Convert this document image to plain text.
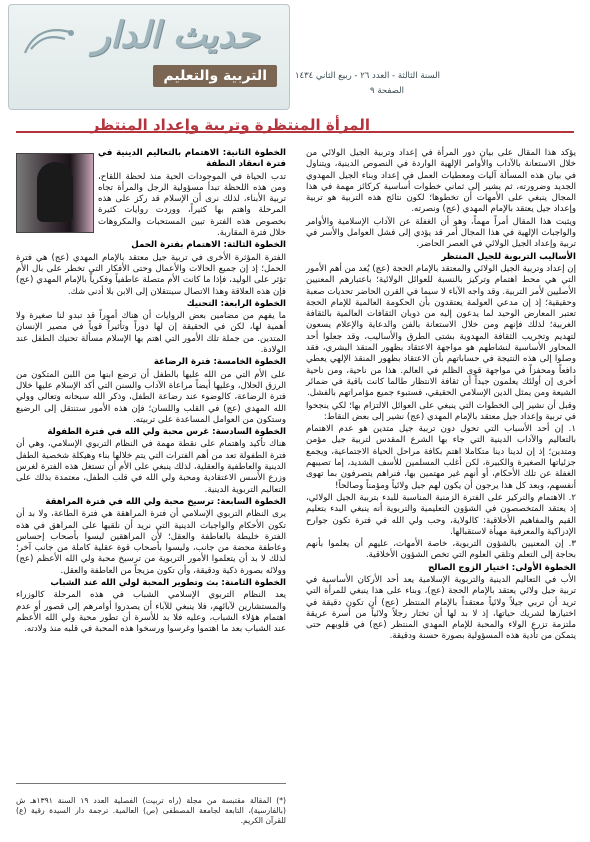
حديث الدار
التربية والتعليم	السنة الثالثة - العدد ٢٦ - ربيع الثاني ١٤٣٤
الصفحة ٩
المرأة المنتظرة وتربية وإعداد المنتظر

يؤكد هذا المقال على بيان دور المرأة في إعداد وتربية الجيل الولائي من خلال الاستعانة بالآداب والأوامر الإلهية الواردة في النصوص الدينية، ويتناول في بيان هذه المسألة آليات ومعطيات العمل في إعداد وبناء الجيل المهدوي الجديد وضرورته، ثم يشير إلى ثماني خطوات أساسية كركائز مهمة في هذا المجال ينبغي على الأمهات أن تخطوها؛ لكون نتائج هذه التربية هو تربية وإعداد جيل يعتقد بالإمام المهدي (عج) ونصرته.

ويثبت هذا المقال أمراً مهماً، وهو أن الغفلة عن الآداب الإسلامية والأوامر والواجبات الإلهية في هذا المجال أمر قد يؤدي إلى فشل العوامل والأسر في تربية وإعداد الجيل الولائي في العصر الحاضر.

الأساليب التربوية للجيل المنتظر

إن إعداد وتربية الجيل الولائي والمعتقد بالإمام الحجة (عج) يُعد من أهم الأمور التي هي محط اهتمام وتركيز بالنسبة للعوائل الولائية؛ باعتبارهم المعنيين الأصليين لأمر التربية. وقد واجه الآباء لا سيما في القرن الحاضر تحديات صعبة وحقيقية؛ إذ إن مدعي العولمة يعتقدون بأن الحكومة العالمية للإمام الحجة تعتبر المعارض الوحيد لما يدعون إليه من ذوبان الثقافات العالمية بالثقافة الغربية؛ لذلك فإنهم ومن خلال الاستعانة بالفن والدعاية والإعلام يسعون لتهديم وتخريب الثقافة المهدوية بشتى الطرق والأساليب، وقد جعلوا أحد المحاور الأساسية لنشاطهم هو مواجهة الاعتقاد بظهور المنقذ البشري، فقد وصلوا إلى هذه النتيجة في حساباتهم بأن الاعتقاد بظهور المنقذ الإلهي يعطي دافعاً ومحفزاً في مواجهة قوى الظلم في العالم. هذا من ناحية، ومن ناحية أخرى إن أولئك يعلمون جيداً أن ثقافة الانتظار طالما كانت باقية في ضمائر الشيعة ومن يمثل الدين الإسلامي الحقيقي، فستبوء جميع مؤامراتهم بالفشل.

وقبل أن نشير إلى الخطوات التي ينبغي على العوائل الالتزام بها؛ لكي ينجحوا في تربية وإعداد جيل معتقد بالإمام المهدي (عج) نشير إلى بعض النقاط:

١. إن أحد الأسباب التي تحول دون تربية جيل متدين هو عدم الاهتمام بالتعاليم والآداب الدينية التي جاء بها الشرع المقدس لتربية جيل مؤمن ومتدين؛ إذ إن لدينا دينا متكاملا اهتم بكافة مراحل الحياة الاجتماعية، ويجمع جزئياتها الصغيرة والكبيرة، لكن أغلب المسلمين للأسف الشديد، إما تصيبهم الغفلة عن تلك الأحكام، أو أنهم غير مهتمين بها، فنراهم يتصرفون بما تهوى أنفسهم، وبعد كل هذا يرجون أن يكون لهم جيل ولائياً ومؤمناً وصالحاً!

٢. الاهتمام والتركيز على الفترة الزمنية المناسبة للبدء بتربية الجيل الولائي، إذ يعتقد المتخصصون في الشؤون التعليمية والتربوية أنه ينبغي البدء بتعليم القيم والمفاهيم الأخلاقية: كالولاية، وحب ولي الله في فترة تكون جوارح الإدراكية والمعرفية مهيأة لاستقبالها.

٣. إن المعنيين بالشؤون التربوية، خاصة الأمهات، عليهم أن يعلموا بأنهم بحاجة إلى التعلم وتلقي العلوم التي تخص الشؤون الأخلاقية.

الخطوة الأولى: اختيار الزوج الصالح

الأب في التعاليم الدينية والتربوية الإسلامية يعد أحد الأركان الأساسية في تربية جيل ولائي يعتقد بالإمام الحجة (عج)، وبناء على هذا ينبغي للمرأة التي تريد أن تربي جيلاً ولائياً معتقداً بالإمام المنتظر (عج) أن تكون دقيقة في اختيارها لشريك حياتها، إذ لا بد لها أن تختار رجلاً ولائياً من أسرة عريقة ملتزمة تزرع الولاء والمحبة للإمام المهدي المنتظر (عج) في قلوبهم حتى يتمكن من تأدية هذه المسؤولية بصورة حسنة ودقيقة.

الخطوة الثانية: الاهتمام بالتعاليم الدينية في فترة انعقاد النطفة

تدب الحياة في الموجودات الحية منذ لحظة اللقاح، ومن هذه اللحظة تبدأ مسؤولية الرجل والمرأة تجاه تربية الأبناء، لذلك نرى أن الإسلام قد ركز على هذه المرحلة واهتم بها كثيراً، ووردت روايات كثيرة بخصوص هذه الفترة تبين المستحبات والمكروهات خلال فترة المقاربة.

الخطوة الثالثة: الاهتمام بفترة الحمل

الفترة المؤثرة الأخرى في تربية جيل معتقد بالإمام المهدي (عج) هي فترة الحمل؛ إذ إن جميع الحالات والأعمال وحتى الأفكار التي تخطر على بال الأم تؤثر على الوليد، فإذا ما كانت الأم متصلة عاطفياً وفكرياً بالإمام المهدي (عج) فإن هذه العلاقة وهذا الاتصال سينتقلان إلى الابن بلا أدنى شك.

الخطوة الرابعة: التحنيك

ما يفهم من مضامين بعض الروايات أن هناك أموراً قد تبدو لنا صغيرة ولا أهمية لها، لكن في الحقيقة إن لها دوراً وتأثيراً قوياً في مصير الإنسان المتدين. من جملة تلك الأمور التي اهتم بها الإسلام مسألة تحنيك الطفل عند الولادة.

الخطوة الخامسة: فترة الرضاعة

على الأم التي من الله عليها بالطفل أن ترضع ابنها من اللبن المتكون من الرزق الحلال، وعليها أيضاً مراعاة الآداب والسنن التي أكد الإسلام عليها خلال فترة الرضاعة، كالوضوء عند رضاعة الطفل، وذكر الله سبحانه وتعالى وولي الله المهدي (عج) في القلب واللسان؛ فإن هذه الأمور ستنتقل إلى الرضيع وستكون من العوامل المساعدة على تربيته.

الخطوة السادسة: غرس محبة ولي الله في فترة الطفولة

هناك تأكيد واهتمام على نقطة مهمة في النظام التربوي الإسلامي، وهي أن فترة الطفولة تعد من أهم الفترات التي يتم خلالها بناء وهيكلة شخصية الطفل الدينية والعاطفية والعقلية، لذلك ينبغي على الأم أن تستغل هذه الفترة لغرس وزرع الأسس الاعتقادية ومحبة ولي الله في قلب الطفل، معتمدة بذلك على التعاليم التربوية الدينية.

الخطوة السابعة: ترسيخ محبة ولي الله في فترة المراهقة

يرى النظام التربوي الإسلامي أن فترة المراهقة هي فترة الطاعة، ولا بد أن تكون الأحكام والواجبات الدينية التي نريد أن نلقيها على المراهق في هذه الفترة خليطة بالعاطفة والعقل؛ لأن المراهقين ليسوا بأصحاب إحساس وعاطفة محضة من جانب، وليسوا بأصحاب قوة عقلية كاملة من جانب آخر؛ لذلك لا بد أن يتعلموا الأمور التربوية من ترسيخ محبة ولي الله الأعظم (عج) وولائه بصورة ذكية ودقيقة، وأن تكون مزيجاً من العاطفة والعقل.

الخطوة الثامنة: بث وتطوير المحبة لولي الله عند الشباب

يعد النظام التربوي الإسلامي الشباب في هذه المرحلة كالوزراء والمستشارين لآبائهم، فلا ينبغي للآباء أن يصدروا أوامرهم إلى قصور أو عدم اهتمام هؤلاء الشباب، وعليه فلا بد للأسرة أن تطور محبة ولي الله الأعظم عند الشباب بعد ما اهتموا وغرسوا ورسخوا هذه المحبة في قلبه منذ ولادته.

(*) المقالة مقتبسة من مجلة (راه تربيت) الفصلية العدد ١٩ السنة ١٣٩١هـ ش (بالفارسية)، التابعة لجامعة المصطفى (ص) العالمية. ترجمة دار السيدة رقية (ع) للقرآن الكريم.
